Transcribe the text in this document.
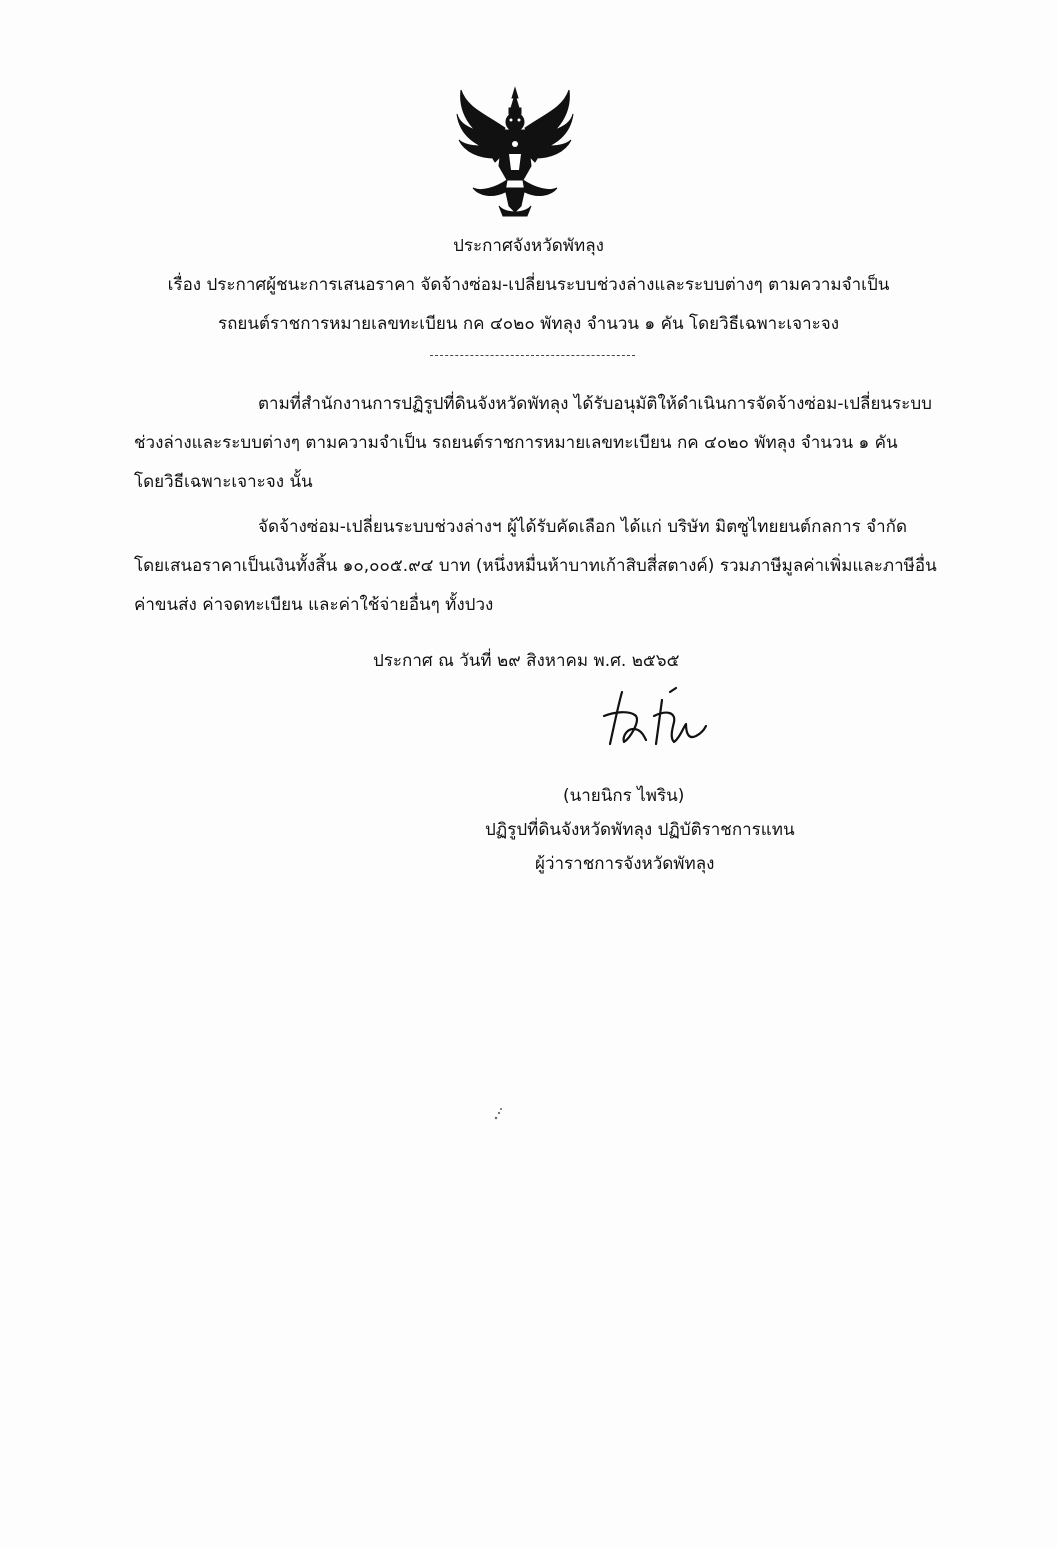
ประกาศจังหวัดพัทลุง
เรื่อง ประกาศผู้ชนะการเสนอราคา จัดจ้างซ่อม-เปลี่ยนระบบช่วงล่างและระบบต่างๆ ตามความจำเป็น
รถยนต์ราชการหมายเลขทะเบียน กค ๔๐๒๐ พัทลุง จำนวน ๑ คัน โดยวิธีเฉพาะเจาะจง
ตามที่สำนักงานการปฏิรูปที่ดินจังหวัดพัทลุง ได้รับอนุมัติให้ดำเนินการจัดจ้างซ่อม-เปลี่ยนระบบ
ช่วงล่างและระบบต่างๆ ตามความจำเป็น รถยนต์ราชการหมายเลขทะเบียน กค ๔๐๒๐ พัทลุง จำนวน ๑ คัน
โดยวิธีเฉพาะเจาะจง นั้น
จัดจ้างซ่อม-เปลี่ยนระบบช่วงล่างฯ ผู้ได้รับคัดเลือก ได้แก่ บริษัท มิตซูไทยยนต์กลการ จำกัด
โดยเสนอราคาเป็นเงินทั้งสิ้น ๑๐,๐๐๕.๙๔ บาท (หนึ่งหมื่นห้าบาทเก้าสิบสี่สตางค์) รวมภาษีมูลค่าเพิ่มและภาษีอื่น
ค่าขนส่ง ค่าจดทะเบียน และค่าใช้จ่ายอื่นๆ ทั้งปวง
ประกาศ ณ วันที่ ๒๙ สิงหาคม พ.ศ. ๒๕๖๕
(นายนิกร ไพริน)
ปฏิรูปที่ดินจังหวัดพัทลุง ปฏิบัติราชการแทน
ผู้ว่าราชการจังหวัดพัทลุง
